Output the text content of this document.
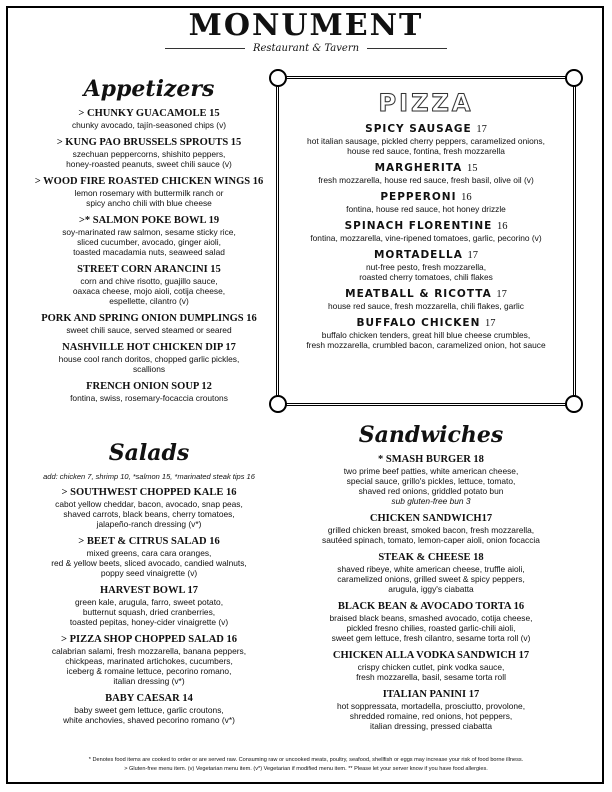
MONUMENT
Restaurant & Tavern
Appetizers
> CHUNKY GUACAMOLE 15
chunky avocado, tajín-seasoned chips (v)
> KUNG PAO BRUSSELS SPROUTS 15
szechuan peppercorns, shishito peppers,
honey-roasted peanuts, sweet chili sauce (v)
> WOOD FIRE ROASTED CHICKEN WINGS 16
lemon rosemary with buttermilk ranch or
spicy ancho chili with blue cheese
>* SALMON POKE BOWL 19
soy-marinated raw salmon, sesame sticky rice,
sliced cucumber, avocado, ginger aioli,
toasted macadamia nuts, seaweed salad
STREET CORN ARANCINI 15
corn and chive risotto, guajillo sauce,
oaxaca cheese, mojo aioli, cotija cheese,
espellette, cilantro (v)
PORK AND SPRING ONION DUMPLINGS 16
sweet chili sauce, served steamed or seared
NASHVILLE HOT CHICKEN DIP 17
house cool ranch doritos, chopped garlic pickles,
scallions
FRENCH ONION SOUP 12
fontina, swiss, rosemary-focaccia croutons
PIZZA
SPICY SAUSAGE 17
hot italian sausage, pickled cherry peppers, caramelized onions,
house red sauce, fontina, fresh mozzarella
MARGHERITA 15
fresh mozzarella, house red sauce, fresh basil, olive oil (v)
PEPPERONI 16
fontina, house red sauce, hot honey drizzle
SPINACH FLORENTINE 16
fontina, mozzarella, vine-ripened tomatoes, garlic, pecorino (v)
MORTADELLA 17
nut-free pesto, fresh mozzarella,
roasted cherry tomatoes, chili flakes
MEATBALL & RICOTTA 17
house red sauce, fresh mozzarella, chili flakes, garlic
BUFFALO CHICKEN 17
buffalo chicken tenders, great hill blue cheese crumbles,
fresh mozzarella, crumbled bacon, caramelized onion, hot sauce
Salads
add: chicken 7, shrimp 10, *salmon 15, *marinated steak tips 16
> SOUTHWEST CHOPPED KALE 16
cabot yellow cheddar, bacon, avocado, snap peas,
shaved carrots, black beans, cherry tomatoes,
jalapeño-ranch dressing (v*)
> BEET & CITRUS SALAD 16
mixed greens, cara cara oranges,
red & yellow beets, sliced avocado, candied walnuts,
poppy seed vinaigrette (v)
HARVEST BOWL 17
green kale, arugula, farro, sweet potato,
butternut squash, dried cranberries,
toasted pepitas, honey-cider vinaigrette (v)
> PIZZA SHOP CHOPPED SALAD 16
calabrian salami, fresh mozzarella, banana peppers,
chickpeas, marinated artichokes, cucumbers,
iceberg & romaine lettuce, pecorino romano,
italian dressing (v*)
BABY CAESAR 14
baby sweet gem lettuce, garlic croutons,
white anchovies, shaved pecorino romano (v*)
Sandwiches
* SMASH BURGER 18
two prime beef patties, white american cheese,
special sauce, grillo's pickles, lettuce, tomato,
shaved red onions, griddled potato bun
sub gluten-free bun 3
CHICKEN SANDWICH17
grilled chicken breast, smoked bacon, fresh mozzarella,
sautéed spinach, tomato, lemon-caper aioli, onion focaccia
STEAK & CHEESE 18
shaved ribeye, white american cheese, truffle aioli,
caramelized onions, grilled sweet & spicy peppers,
arugula, iggy's ciabatta
BLACK BEAN & AVOCADO TORTA 16
braised black beans, smashed avocado, cotija cheese,
pickled fresno chilies, roasted garlic-chili aioli,
sweet gem lettuce, fresh cilantro, sesame torta roll (v)
CHICKEN ALLA VODKA SANDWICH 17
crispy chicken cutlet, pink vodka sauce,
fresh mozzarella, basil, sesame torta roll
ITALIAN PANINI 17
hot soppressata, mortadella, prosciutto, provolone,
shredded romaine, red onions, hot peppers,
italian dressing, pressed ciabatta
* Denotes food items are cooked to order or are served raw. Consuming raw or uncooked meats, poultry, seafood, shellfish or eggs may increase your risk of food borne illness.
> Gluten-free menu item. (v) Vegetarian menu item. (v*) Vegetarian if modified menu item. ** Please let your server know if you have food allergies.
